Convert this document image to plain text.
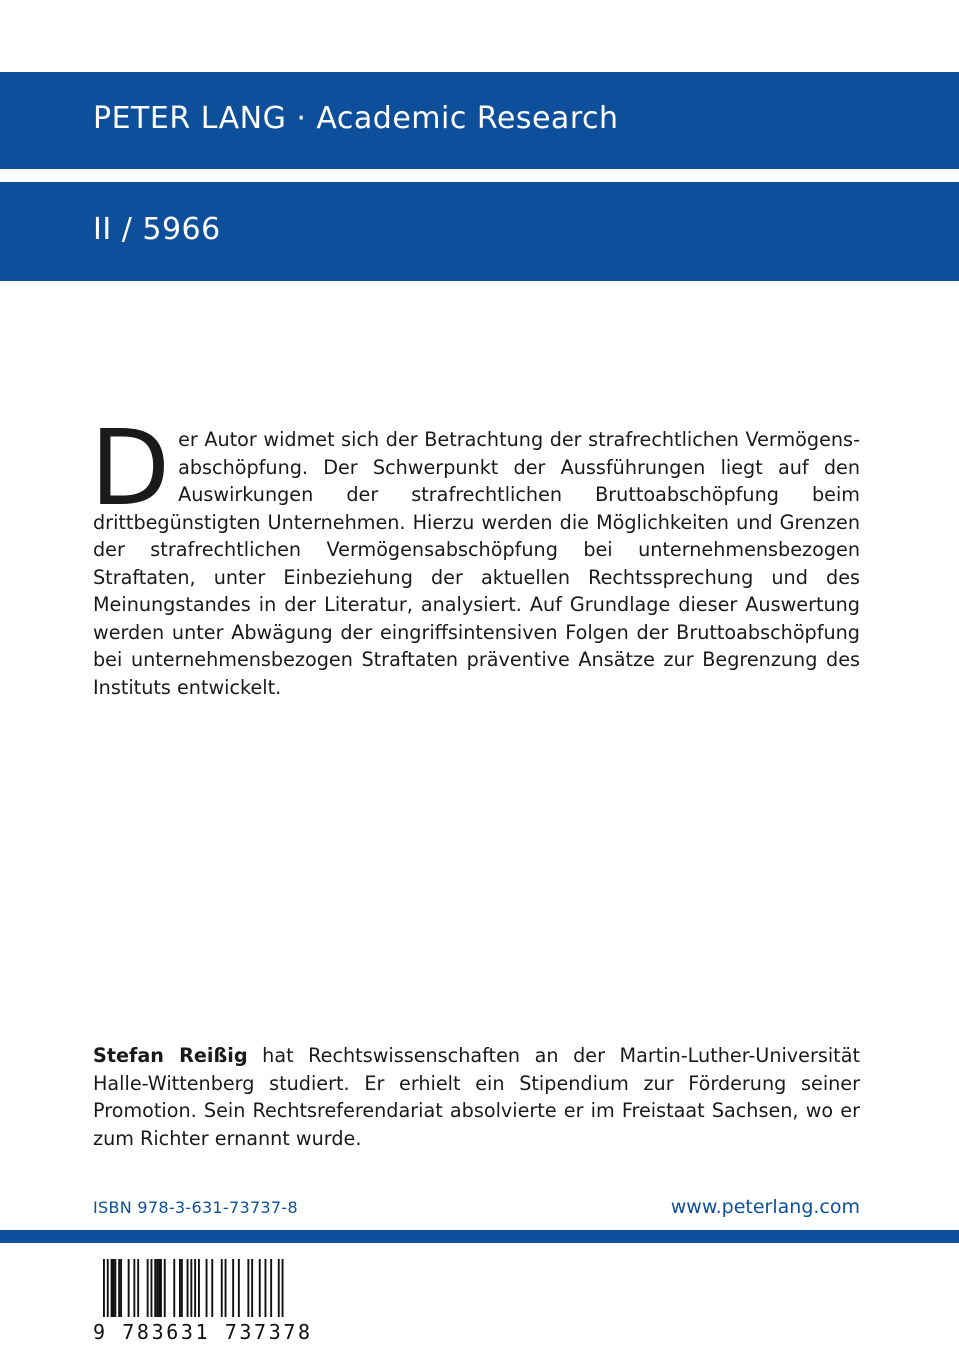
PETER LANG · Academic Research
II / 5966
D er Autor widmet sich der Betrachtung der strafrechtlichen Vermögensabschöpfung. Der Schwerpunkt der Aussführungen liegt auf den Auswirkungen der strafrechtlichen Bruttoabschöpfung beim drittbegünstigten Unternehmen. Hierzu werden die Möglichkeiten und Grenzen der strafrechtlichen Vermögensabschöpfung bei unternehmensbezogen Straftaten, unter Einbeziehung der aktuellen Rechtssprechung und des Meinungstandes in der Literatur, analysiert. Auf Grundlage dieser Auswertung werden unter Abwägung der eingriffsintensiven Folgen der Bruttoabschöpfung bei unternehmensbezogen Straftaten präventive Ansätze zur Begrenzung des Instituts entwickelt.
Stefan Reißig hat Rechtswissenschaften an der Martin-Luther-Universität Halle-Wittenberg studiert. Er erhielt ein Stipendium zur Förderung seiner Promotion. Sein Rechtsreferendariat absolvierte er im Freistaat Sachsen, wo er zum Richter ernannt wurde.
ISBN 978-3-631-73737-8	www.peterlang.com
9 783631 737378
